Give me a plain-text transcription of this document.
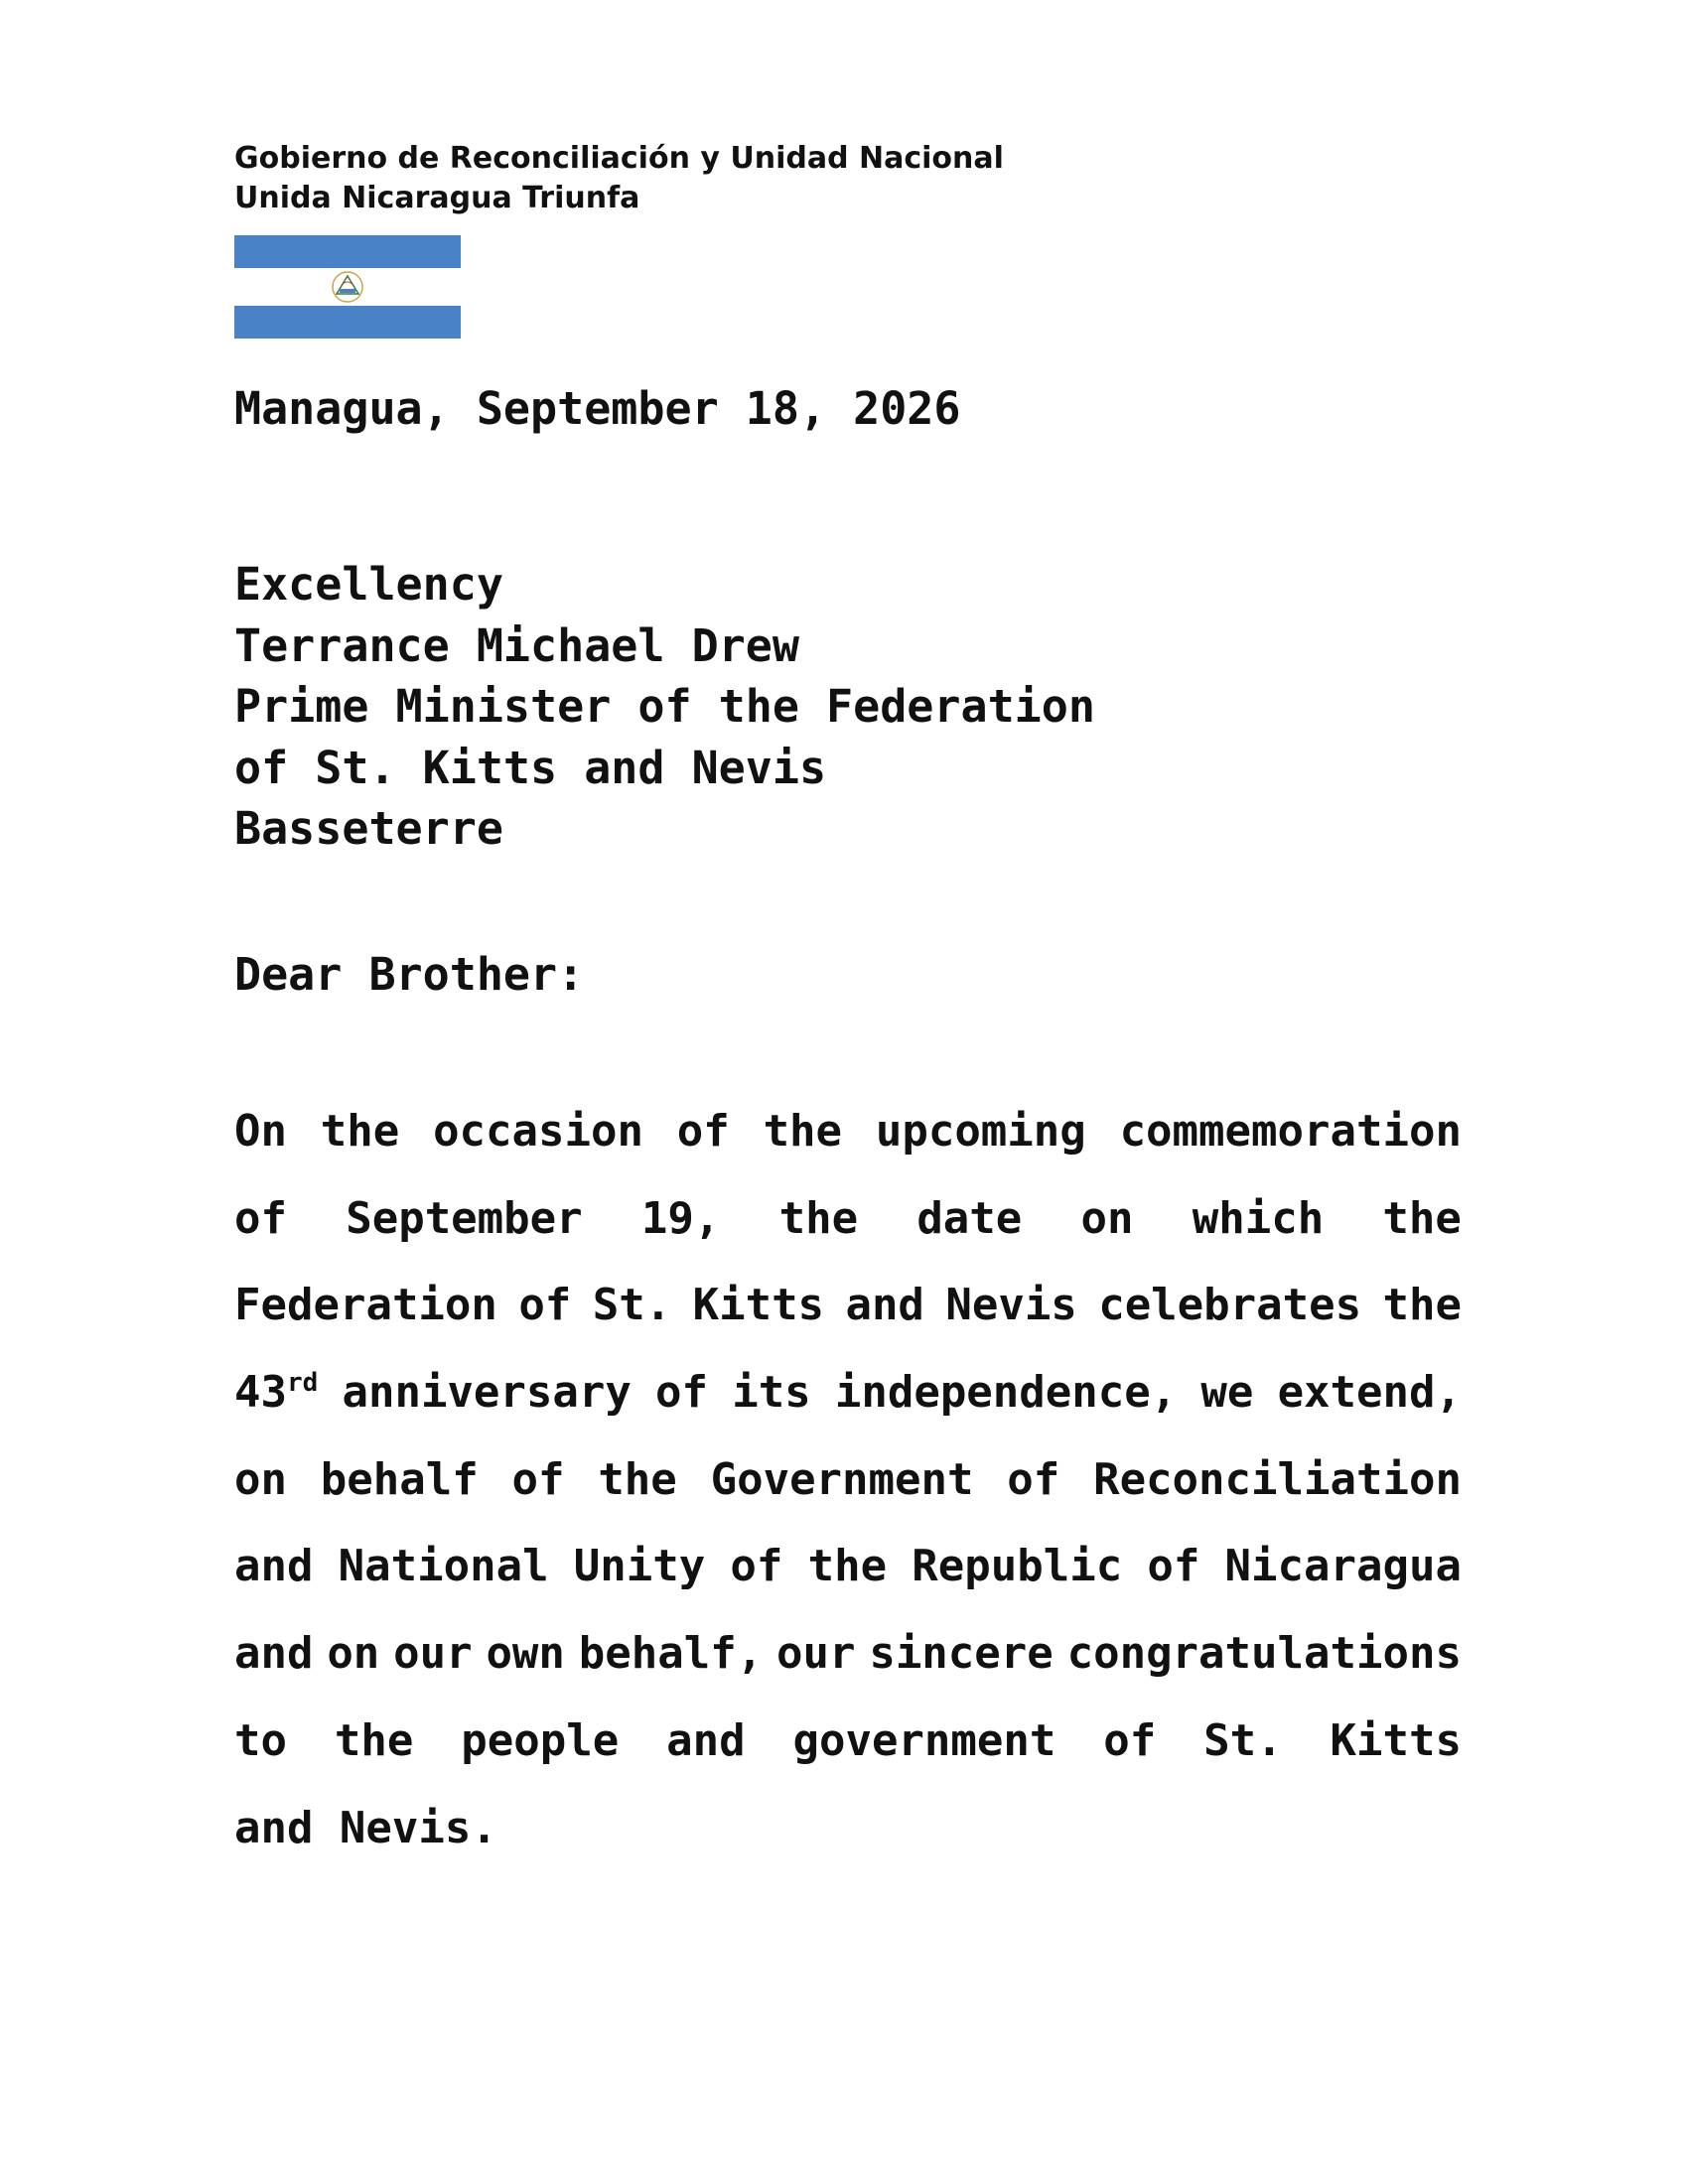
Gobierno de Reconciliación y Unidad Nacional
Unida Nicaragua Triunfa
Managua, September 18, 2026
Excellency
Terrance Michael Drew
Prime Minister of the Federation
of St. Kitts and Nevis
Basseterre
Dear Brother:
On the occasion of the upcoming commemoration
of September 19, the date on which the
Federation of St. Kitts and Nevis celebrates the
43rd anniversary of its independence, we extend,
on behalf of the Government of Reconciliation
and National Unity of the Republic of Nicaragua
and on our own behalf, our sincere congratulations
to the people and government of St. Kitts
and Nevis.
